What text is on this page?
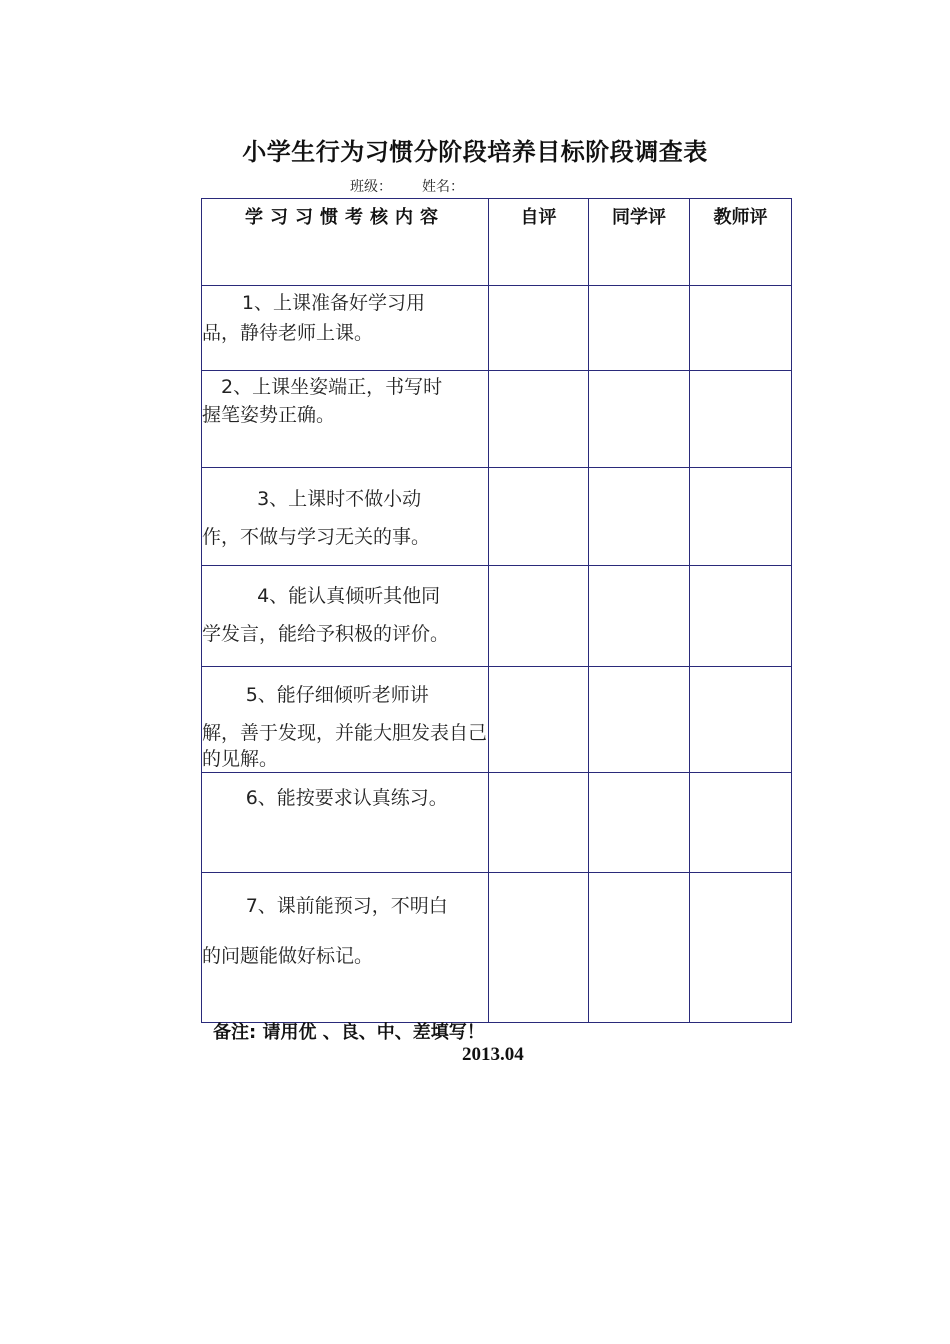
小学生行为习惯分阶段培养目标阶段调查表
班级： 姓名：
学习习惯考核内容	自评	同学评	教师评

1、上课准备好学习用
品，静待老师上课。			

2、上课坐姿端正，书写时
握笔姿势正确。			

3、上课时不做小动
作，不做与学习无关的事。			

4、能认真倾听其他同
学发言，能给予积极的评价。			

5、能仔细倾听老师讲
解，善于发现，并能大胆发表自己的见解。			

6、能按要求认真练习。			

7、课前能预习，不明白
的问题能做好标记。			

备注: 请用优 、良、中、差填写！
2013.04
